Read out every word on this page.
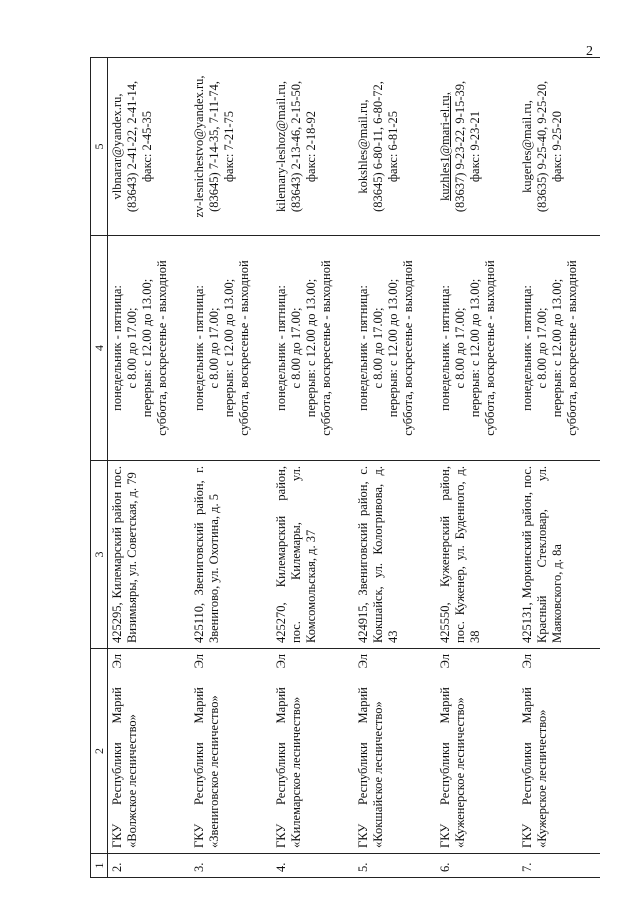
2
1	2	3	4	5
2.	ГКУ Республики Марий Эл «Волжское лесничество»	425295, Килемарский район пос. Визимьяры, ул. Советская, д. 79	понедельник - пятница: с 8.00 до 17.00; перерыв: с 12.00 до 13.00; суббота, воскресенье - выходной	vlbnarar@yandex.ru, (83643) 2-41-22, 2-41-14, факс: 2-45-35

3.	ГКУ Республики Марий Эл «Звениговское лесничество»	425110, Звениговский район, г. Звенигово, ул. Охотина, д. 5	понедельник - пятница: с 8.00 до 17.00; перерыв: с 12.00 до 13.00; суббота, воскресенье - выходной	zv-lesnichestvo@yandex.ru, (83645) 7-14-35, 7-11-74, факс: 7-21-75

4.	ГКУ Республики Марий Эл «Килемарское лесничество»	425270, Килемарский район, пос. Килемары, ул. Комсомольская, д. 37	понедельник - пятница: с 8.00 до 17.00; перерыв: с 12.00 до 13.00; суббота, воскресенье - выходной	kilemary-leshoz@mail.ru, (83643) 2-13-46, 2-15-50, факс: 2-18-92

5.	ГКУ Республики Марий Эл «Кокшайское лесничество»	424915, Звениговский район, с. Кокшайск, ул. Кологривова, д. 43	понедельник - пятница: с 8.00 до 17.00; перерыв: с 12.00 до 13.00; суббота, воскресенье - выходной	kokshles@mail.ru, (83645) 6-80-11, 6-80-72, факс: 6-81-25

6.	ГКУ Республики Марий Эл «Куженерское лесничество»	425550, Куженерский район, пос. Куженер, ул. Буденного, д. 38	понедельник - пятница: с 8.00 до 17.00; перерыв: с 12.00 до 13.00; суббота, воскресенье - выходной	kuzhles1@mari-el.ru, (83637) 9-23-22, 9-15-39, факс: 9-23-21

7.	ГКУ Республики Марий Эл «Кужерское лесничество»	425131, Моркинский район, пос. Красный Стекловар, ул. Маяковского, д. 8а	понедельник - пятница: с 8.00 до 17.00; перерыв: с 12.00 до 13.00; суббота, воскресенье - выходной	kugerles@mail.ru, (83635) 9-25-40, 9-25-20, факс: 9-25-20
